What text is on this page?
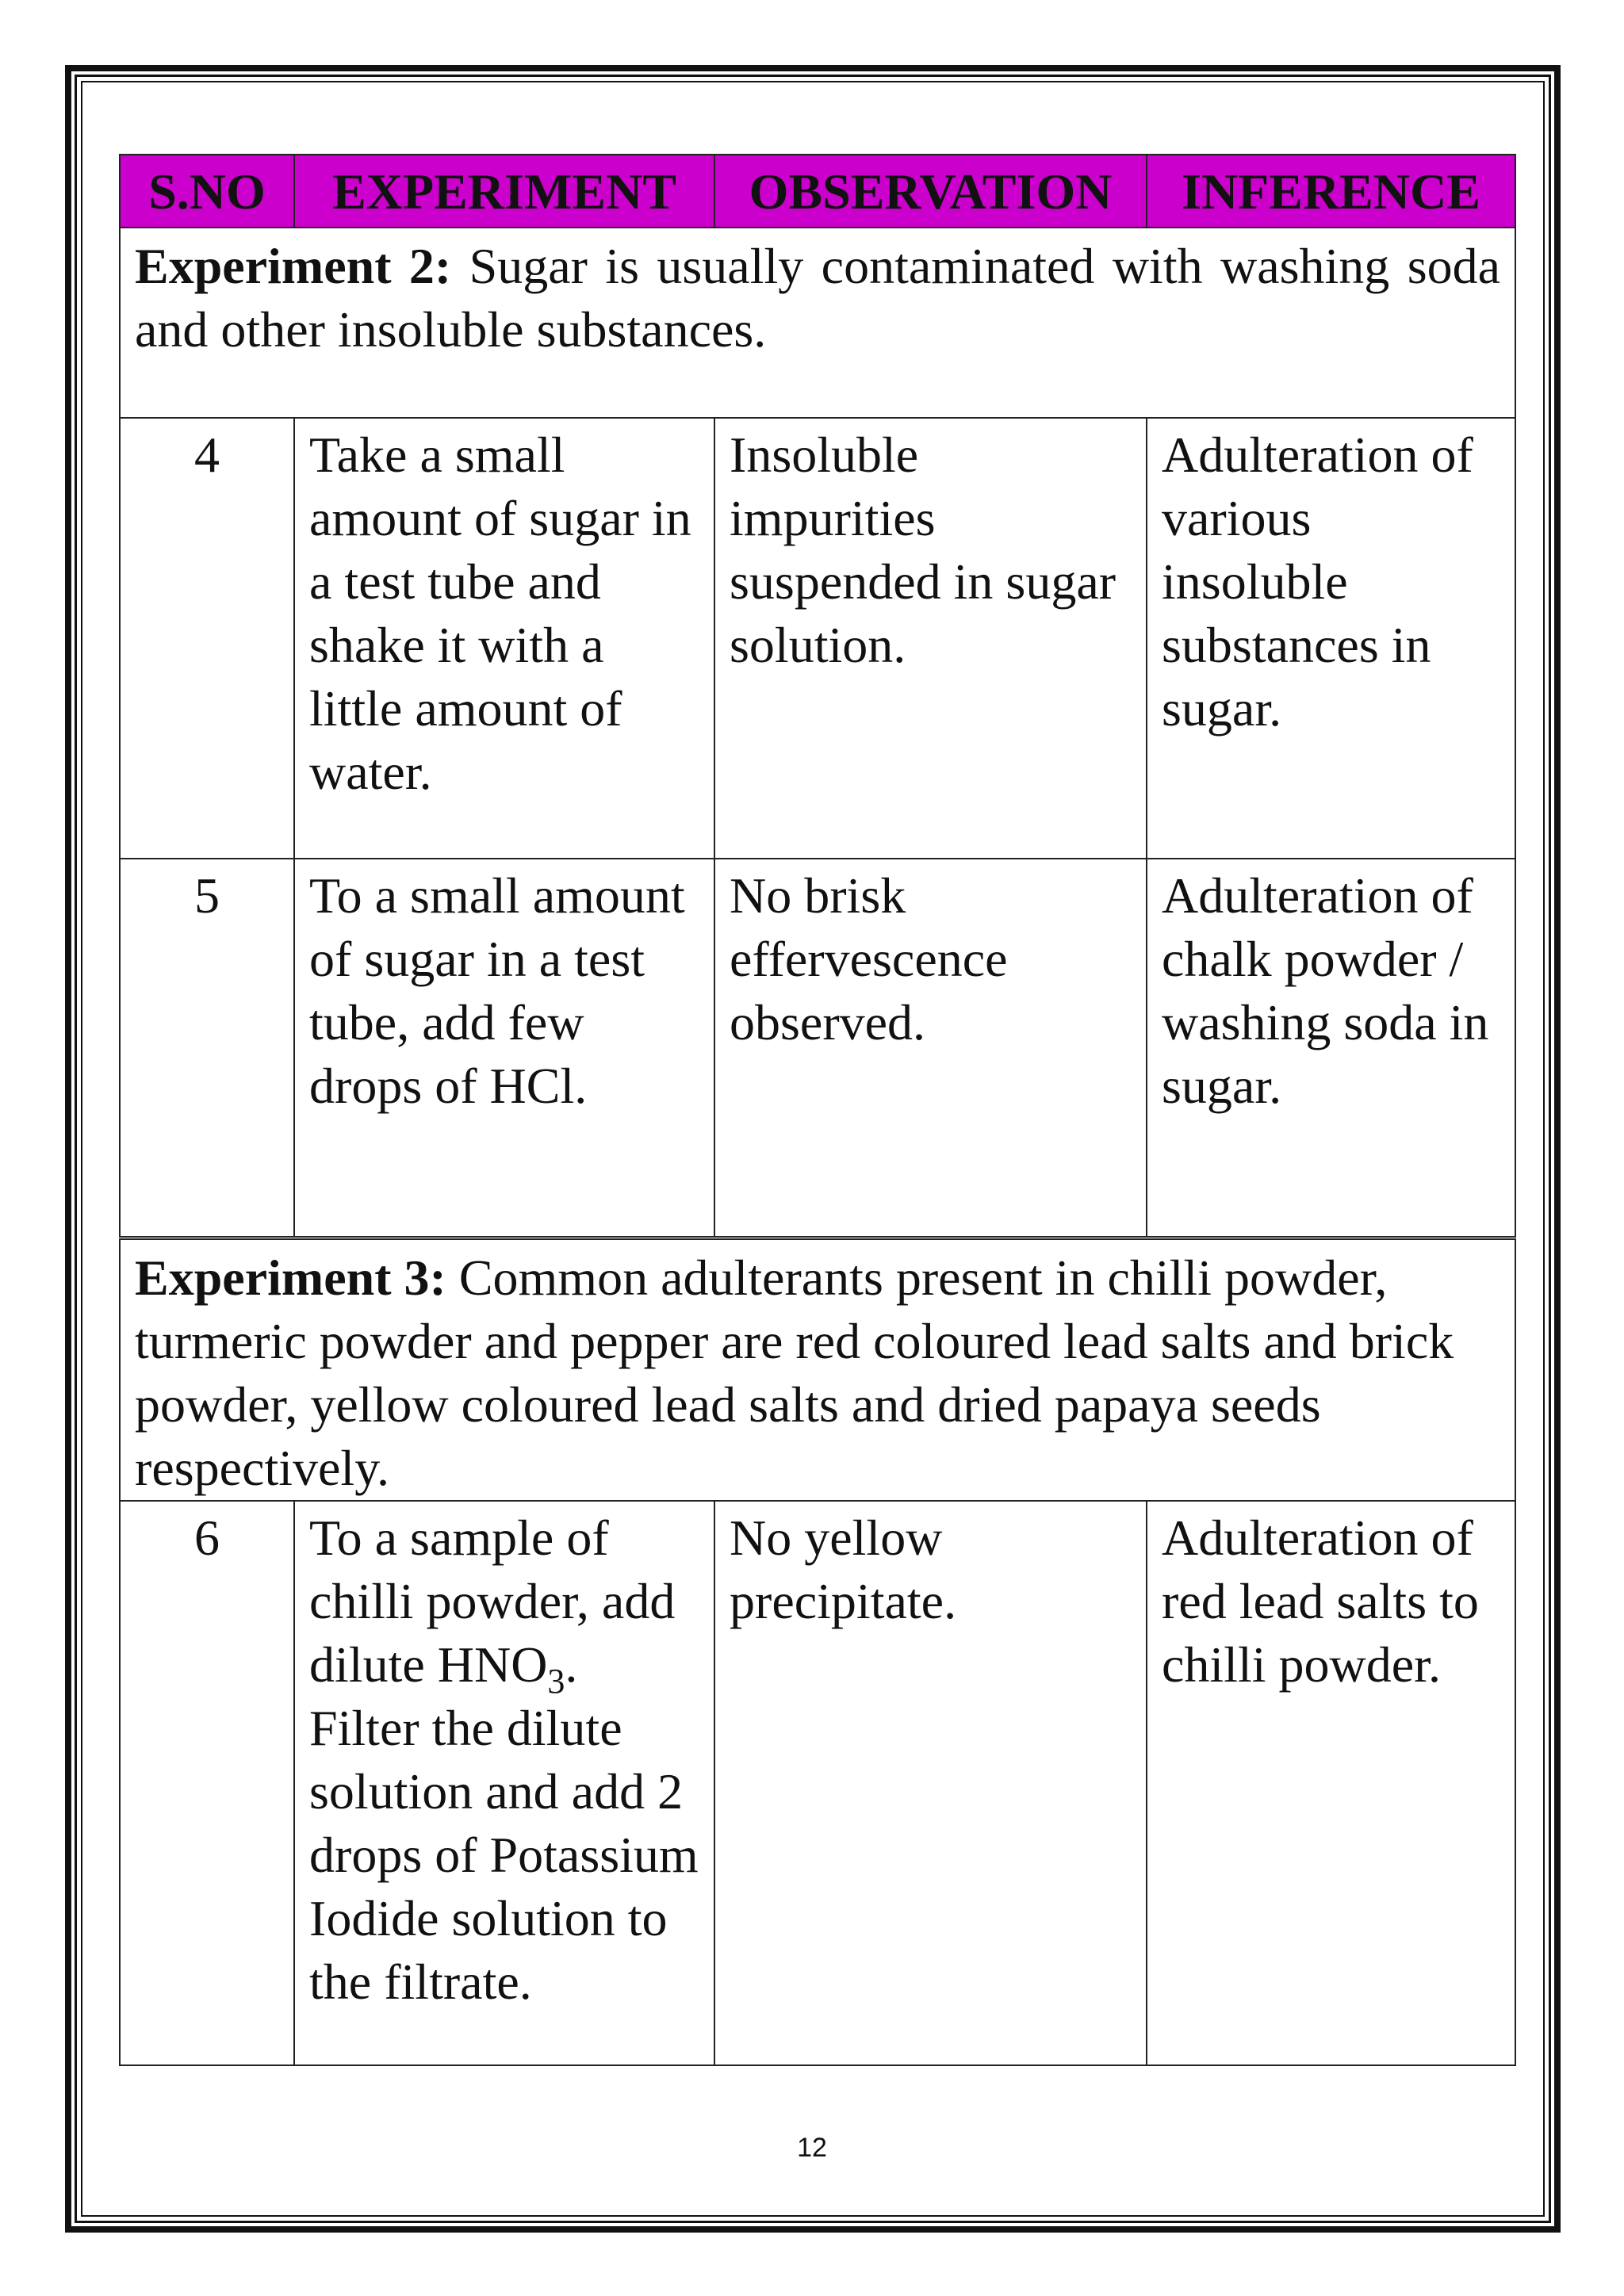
S.NO	EXPERIMENT	OBSERVATION	INFERENCE
Experiment 2: Sugar is usually contaminated with washing soda and other insoluble substances.			
4	Take a small amount of sugar in a test tube and shake it with a little amount of water.	Insoluble impurities suspended in sugar solution.	Adulteration of various insoluble substances in sugar.
5	To a small amount of sugar in a test tube, add few drops of HCl.	No brisk effervescence observed.	Adulteration of chalk powder / washing soda in sugar.
Experiment 3: Common adulterants present in chilli powder, turmeric powder and pepper are red coloured lead salts and brick powder, yellow coloured lead salts and dried papaya seeds respectively.			
6	To a sample of chilli powder, add dilute $HNO_3$. Filter the dilute solution and add 2 drops of Potassium Iodide solution to the filtrate.	No yellow precipitate.	Adulteration of red lead salts to chilli powder.
12
